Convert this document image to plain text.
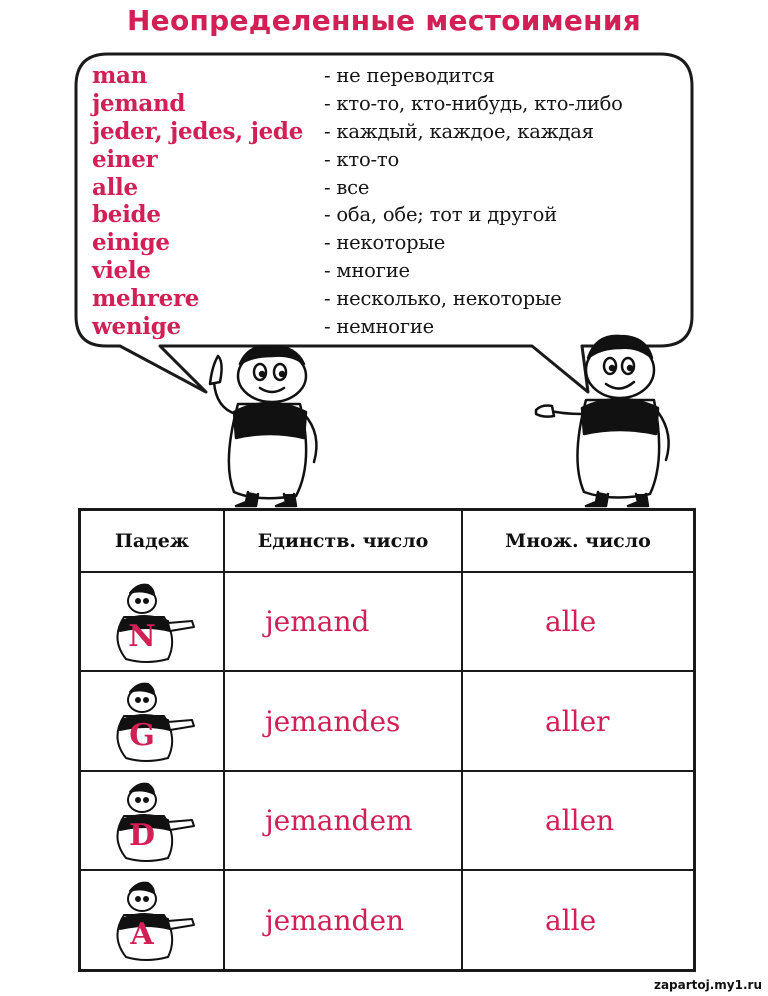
Неопределенные местоимения
man	- не переводится
jemand	- кто-то, кто-нибудь, кто-либо
jeder, jedes, jede	- каждый, каждое, каждая
einer	- кто-то
alle	- все
beide	- оба, обе; тот и другой
einige	- некоторые
viele	- многие
mehrere	- несколько, некоторые
wenige	- немногие
Падеж	Единств. число	Множ. число

N	jemand	alle

G	jemandes	aller

D	jemandem	allen

A	jemanden	alle
zapartoj.my1.ru
